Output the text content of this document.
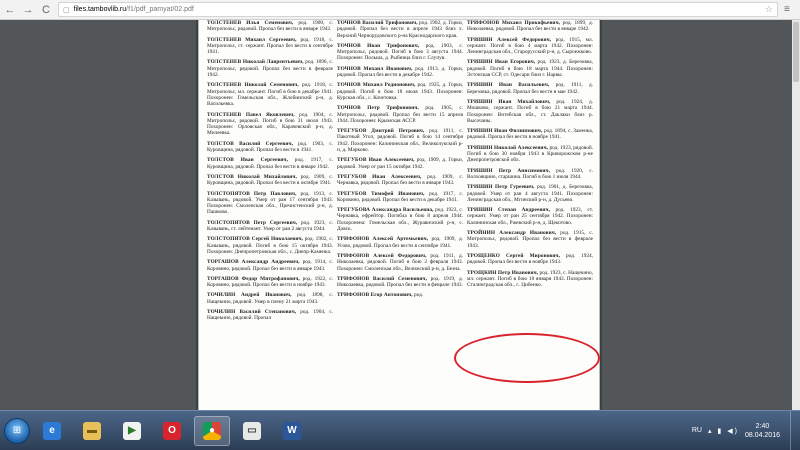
← → C	▢ files.tambovlib.ru /f1/pdf_pamyat/02.pdf	☆ ≡
ТОЛСТЕНЕВ Илья Семенович, род. 1900, с. Митропольс, рядовой. Пропал без вести в январе 1942.
ТОЛСТЕНЕВ Михаил Сергеевич, род. 1918, с. Митропольс, ст. сержант. Пропал без вести в сентябре 1941.
ТОЛСТЕНЕВ Николай Лаврентьевич, род. 1896, с. Митропольс, рядовой. Пропал без вести в феврале 1942.
ТОЛСТЕНЕВ Николай Семенович, род. 1918, с. Митропольс, мл. сержант. Погиб в бою в декабре 1941. Похоронен: Гомельская обл., Жлобинский р-н, д. Васильевка.
ТОЛСТЕНЕВ Павел Яковлевич, род. 1904, с. Митропольс, рядовой. Погиб в бою 31 июля 1943. Похоронен: Орловская обл., Карачевский р-н, д. Милеевка.
ТОЛСТОВ Василий Сергеевич, род. 1903, с. Куровщина, рядовой. Пропал без вести в 1941.
ТОЛСТОВ Иван Сергеевич, род. 1917, с. Куровщина, рядовой. Пропал без вести в январе 1942.
ТОЛСТОВ Николай Михайлович, род. 1909, с. Куровщина, рядовой. Пропал без вести в октябре 1941.
ТОЛСТОПЯТОВ Петр Павлович, род. 1913, с. Казывань, рядовой. Умер от ран 17 сентября 1943. Похоронен: Смоленская обл., Пречистенский р-н, д. Пашково.
ТОЛСТОПЯТОВ Петр Сергеевич, род. 1923, с. Казывань, ст. лейтенант. Умер от ран 2 августа 1944.
ТОЛСТОПЯТОВ Сергей Николаевич, род. 1902, с. Казывань, рядовой. Погиб в бою 15 октября 1943. Похоронен: Днепропетровская обл., с. Днепр-Каменка.
ТОРГАШОВ Александр Андреевич, род. 1914, с. Коровино, рядовой. Пропал без вести в январе 1943.
ТОРГАШОВ Федор Митрофанович, род. 1922, с. Коровино, рядовой. Пропал без вести в ноябре 1943.
ТОЧИЛИН Андрей Иванович, род. 1898, с. Нащекино, рядовой. Умер в плену 21 марта 1943.
ТОЧИЛИН Василий Степанович, род. 1904, с. Нащекино, рядовой. Пропал
ТОЧНОВ Василий Трифонович, род. 1902, д. Горки, рядовой. Пропал без вести в апреле 1943 близ х. Верхний Чернорудовского р-на Краснодарского края.
ТОЧНОВ Иван Трифонович, род. 1903, с. Митропольс, рядовой. Погиб в бою 3 августа 1944. Похоронен: Польша, д. Рыбница близ г. Слупув.
ТОЧНОВ Михаил Иванович, род. 1913, д. Горки, рядовой. Пропал без вести в декабре 1942.
ТОЧНОВ Михаил Родионович, род. 1925, д. Горки, рядовой. Погиб в бою 18 июля 1943. Похоронен: Курская обл., с. Кочетовка.
ТОЧНОВ Петр Трифонович, род. 1905, с. Митропольс, рядовой. Пропал без вести 15 апреля 1944. Похоронен: Крымская АССР.
ТРЕГУБОВ Дмитрий Петрович, род. 1911, с. Пакотный Угол, рядовой. Погиб в бою 14 сентября 1942. Похоронен: Калининская обл., Великолукский р-н, д. Марково.
ТРЕГУБОВ Иван Алексеевич, род. 1909, д. Горки, рядовой. Умер от ран 15 октября 1942.
ТРЕГУБОВ Иван Алексеевич, род. 1909, с. Чернавка, рядовой. Пропал без вести в январе 1943.
ТРЕГУБОВ Тимофей Иванович, род. 1917, с. Коровино, рядовой. Пропал без вести в декабре 1941.
ТРЕГУБОВА Александра Васильевна, род. 1923, с. Чернавка, ефрейтор. Погибла в бою 8 апреля 1944. Похоронена: Гомельская обл., Журавичский р-н, с. Довск.
ТРИФОНОВ Алексей Артемьевич, род. 1909, д. Усово, рядовой. Пропал без вести в сентябре 1941.
ТРИФОНОВ Алексей Федорович, род. 1911, д. Николаевка, рядовой. Погиб в бою 2 февраля 1943. Похоронен: Смоленская обл., Велижский р-н, д. Безна.
ТРИФОНОВ Василий Семенович, род. 1919, д. Николаевка, рядовой. Пропал без вести в феврале 1943.
ТРИФОНОВ Егор Антонович, род.
ТРИФОНОВ Михаил Прокофьевич, род. 1899, д. Николаевка, рядовой. Пропал без вести в январе 1942.
ТРИШИН Алексей Федорович, род. 1915, мл. сержант. Погиб в бою 4 марта 1942. Похоронен: Ленинградская обл., Старорусский р-н, д. Сыроежково.
ТРИШИН Иван Егорович, род. 1923, д. Березовка, рядовой. Погиб в бою 18 марта 1944. Похоронен: Эстонская ССР, ст. Одесари близ г. Нарвы.
ТРИШИН Иван Васильевич, род. 1911, д. Березовка, рядовой. Пропал без вести в мае 1942.
ТРИШИН Иван Михайлович, род. 1924, д. Мошково, сержант. Погиб в бою 21 марта 1944. Похоронен: Витебская обл., ст. Даклаки близ р. Высочаны.
ТРИШИН Иван Филиппович, род. 1894, с. Заменка, рядовой. Пропал без вести в ноябре 1941.
ТРИШИН Николай Алексеевич, род. 1923, рядовой. Погиб в бою 30 ноября 1943 в Криворожском р-не Днепропетровской обл.
ТРИШИН Петр Анисимович, род. 1920, с. Волхоящино, старшина. Погиб в бою 1 июля 1944.
ТРИШИН Петр Гуреевич, род. 1901, д. Березовка, рядовой. Умер от ран 4 августа 1941. Похоронен: Ленинградская обл., Мгинский р-н, д. Дусьево.
ТРИШИН Степан Андреевич, род. 1923, ст. сержант. Умер от ран 25 сентября 1942. Похоронен: Калининская обл., Ржевский р-н, д. Щекотово.
ТРОЙНИН Александр Иванович, род. 1915, с. Митропольс, рядовой. Пропал без вести в феврале 1943.
ТРОЩЕНКО Сергей Миронович, род. 1924, рядовой. Пропал без вести в ноябре 1943.
ТРОЩКИН Петр Иванович, род. 1923, с. Нащекино, мл. сержант. Погиб в бою 10 января 1943. Похоронен: Сталинградская обл., с. Цибенко.
⊞	e	▬	▶	O	●	▭	W	RU ▴ ▮ ◀)
2:40
08.04.2016
